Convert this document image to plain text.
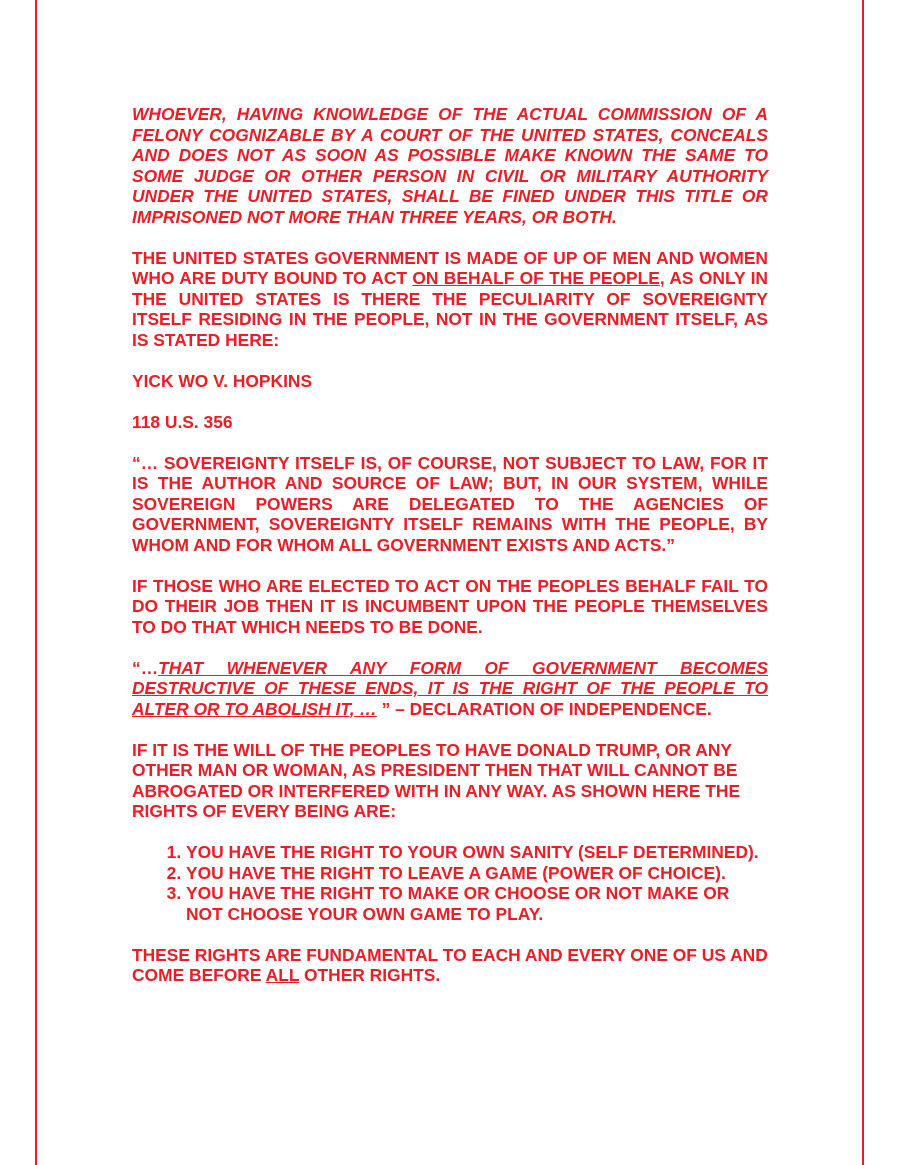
WHOEVER, HAVING KNOWLEDGE OF THE ACTUAL COMMISSION OF A FELONY COGNIZABLE BY A COURT OF THE UNITED STATES, CONCEALS AND DOES NOT AS SOON AS POSSIBLE MAKE KNOWN THE SAME TO SOME JUDGE OR OTHER PERSON IN CIVIL OR MILITARY AUTHORITY UNDER THE UNITED STATES, SHALL BE FINED UNDER THIS TITLE OR IMPRISONED NOT MORE THAN THREE YEARS, OR BOTH.

THE UNITED STATES GOVERNMENT IS MADE OF UP OF MEN AND WOMEN WHO ARE DUTY BOUND TO ACT ON BEHALF OF THE PEOPLE, AS ONLY IN THE UNITED STATES IS THERE THE PECULIARITY OF SOVEREIGNTY ITSELF RESIDING IN THE PEOPLE, NOT IN THE GOVERNMENT ITSELF, AS IS STATED HERE:

YICK WO V. HOPKINS

118 U.S. 356

“… SOVEREIGNTY ITSELF IS, OF COURSE, NOT SUBJECT TO LAW, FOR IT IS THE AUTHOR AND SOURCE OF LAW; BUT, IN OUR SYSTEM, WHILE SOVEREIGN POWERS ARE DELEGATED TO THE AGENCIES OF GOVERNMENT, SOVEREIGNTY ITSELF REMAINS WITH THE PEOPLE, BY WHOM AND FOR WHOM ALL GOVERNMENT EXISTS AND ACTS.”

IF THOSE WHO ARE ELECTED TO ACT ON THE PEOPLES BEHALF FAIL TO DO THEIR JOB THEN IT IS INCUMBENT UPON THE PEOPLE THEMSELVES TO DO THAT WHICH NEEDS TO BE DONE.

“…THAT WHENEVER ANY FORM OF GOVERNMENT BECOMES DESTRUCTIVE OF THESE ENDS, IT IS THE RIGHT OF THE PEOPLE TO ALTER OR TO ABOLISH IT, … ” – DECLARATION OF INDEPENDENCE.

IF IT IS THE WILL OF THE PEOPLES TO HAVE DONALD TRUMP, OR ANY OTHER MAN OR WOMAN, AS PRESIDENT THEN THAT WILL CANNOT BE ABROGATED OR INTERFERED WITH IN ANY WAY. AS SHOWN HERE THE RIGHTS OF EVERY BEING ARE:

1. YOU HAVE THE RIGHT TO YOUR OWN SANITY (SELF DETERMINED).
2. YOU HAVE THE RIGHT TO LEAVE A GAME (POWER OF CHOICE).
3. YOU HAVE THE RIGHT TO MAKE OR CHOOSE OR NOT MAKE OR NOT CHOOSE YOUR OWN GAME TO PLAY.

THESE RIGHTS ARE FUNDAMENTAL TO EACH AND EVERY ONE OF US AND COME BEFORE ALL OTHER RIGHTS.
